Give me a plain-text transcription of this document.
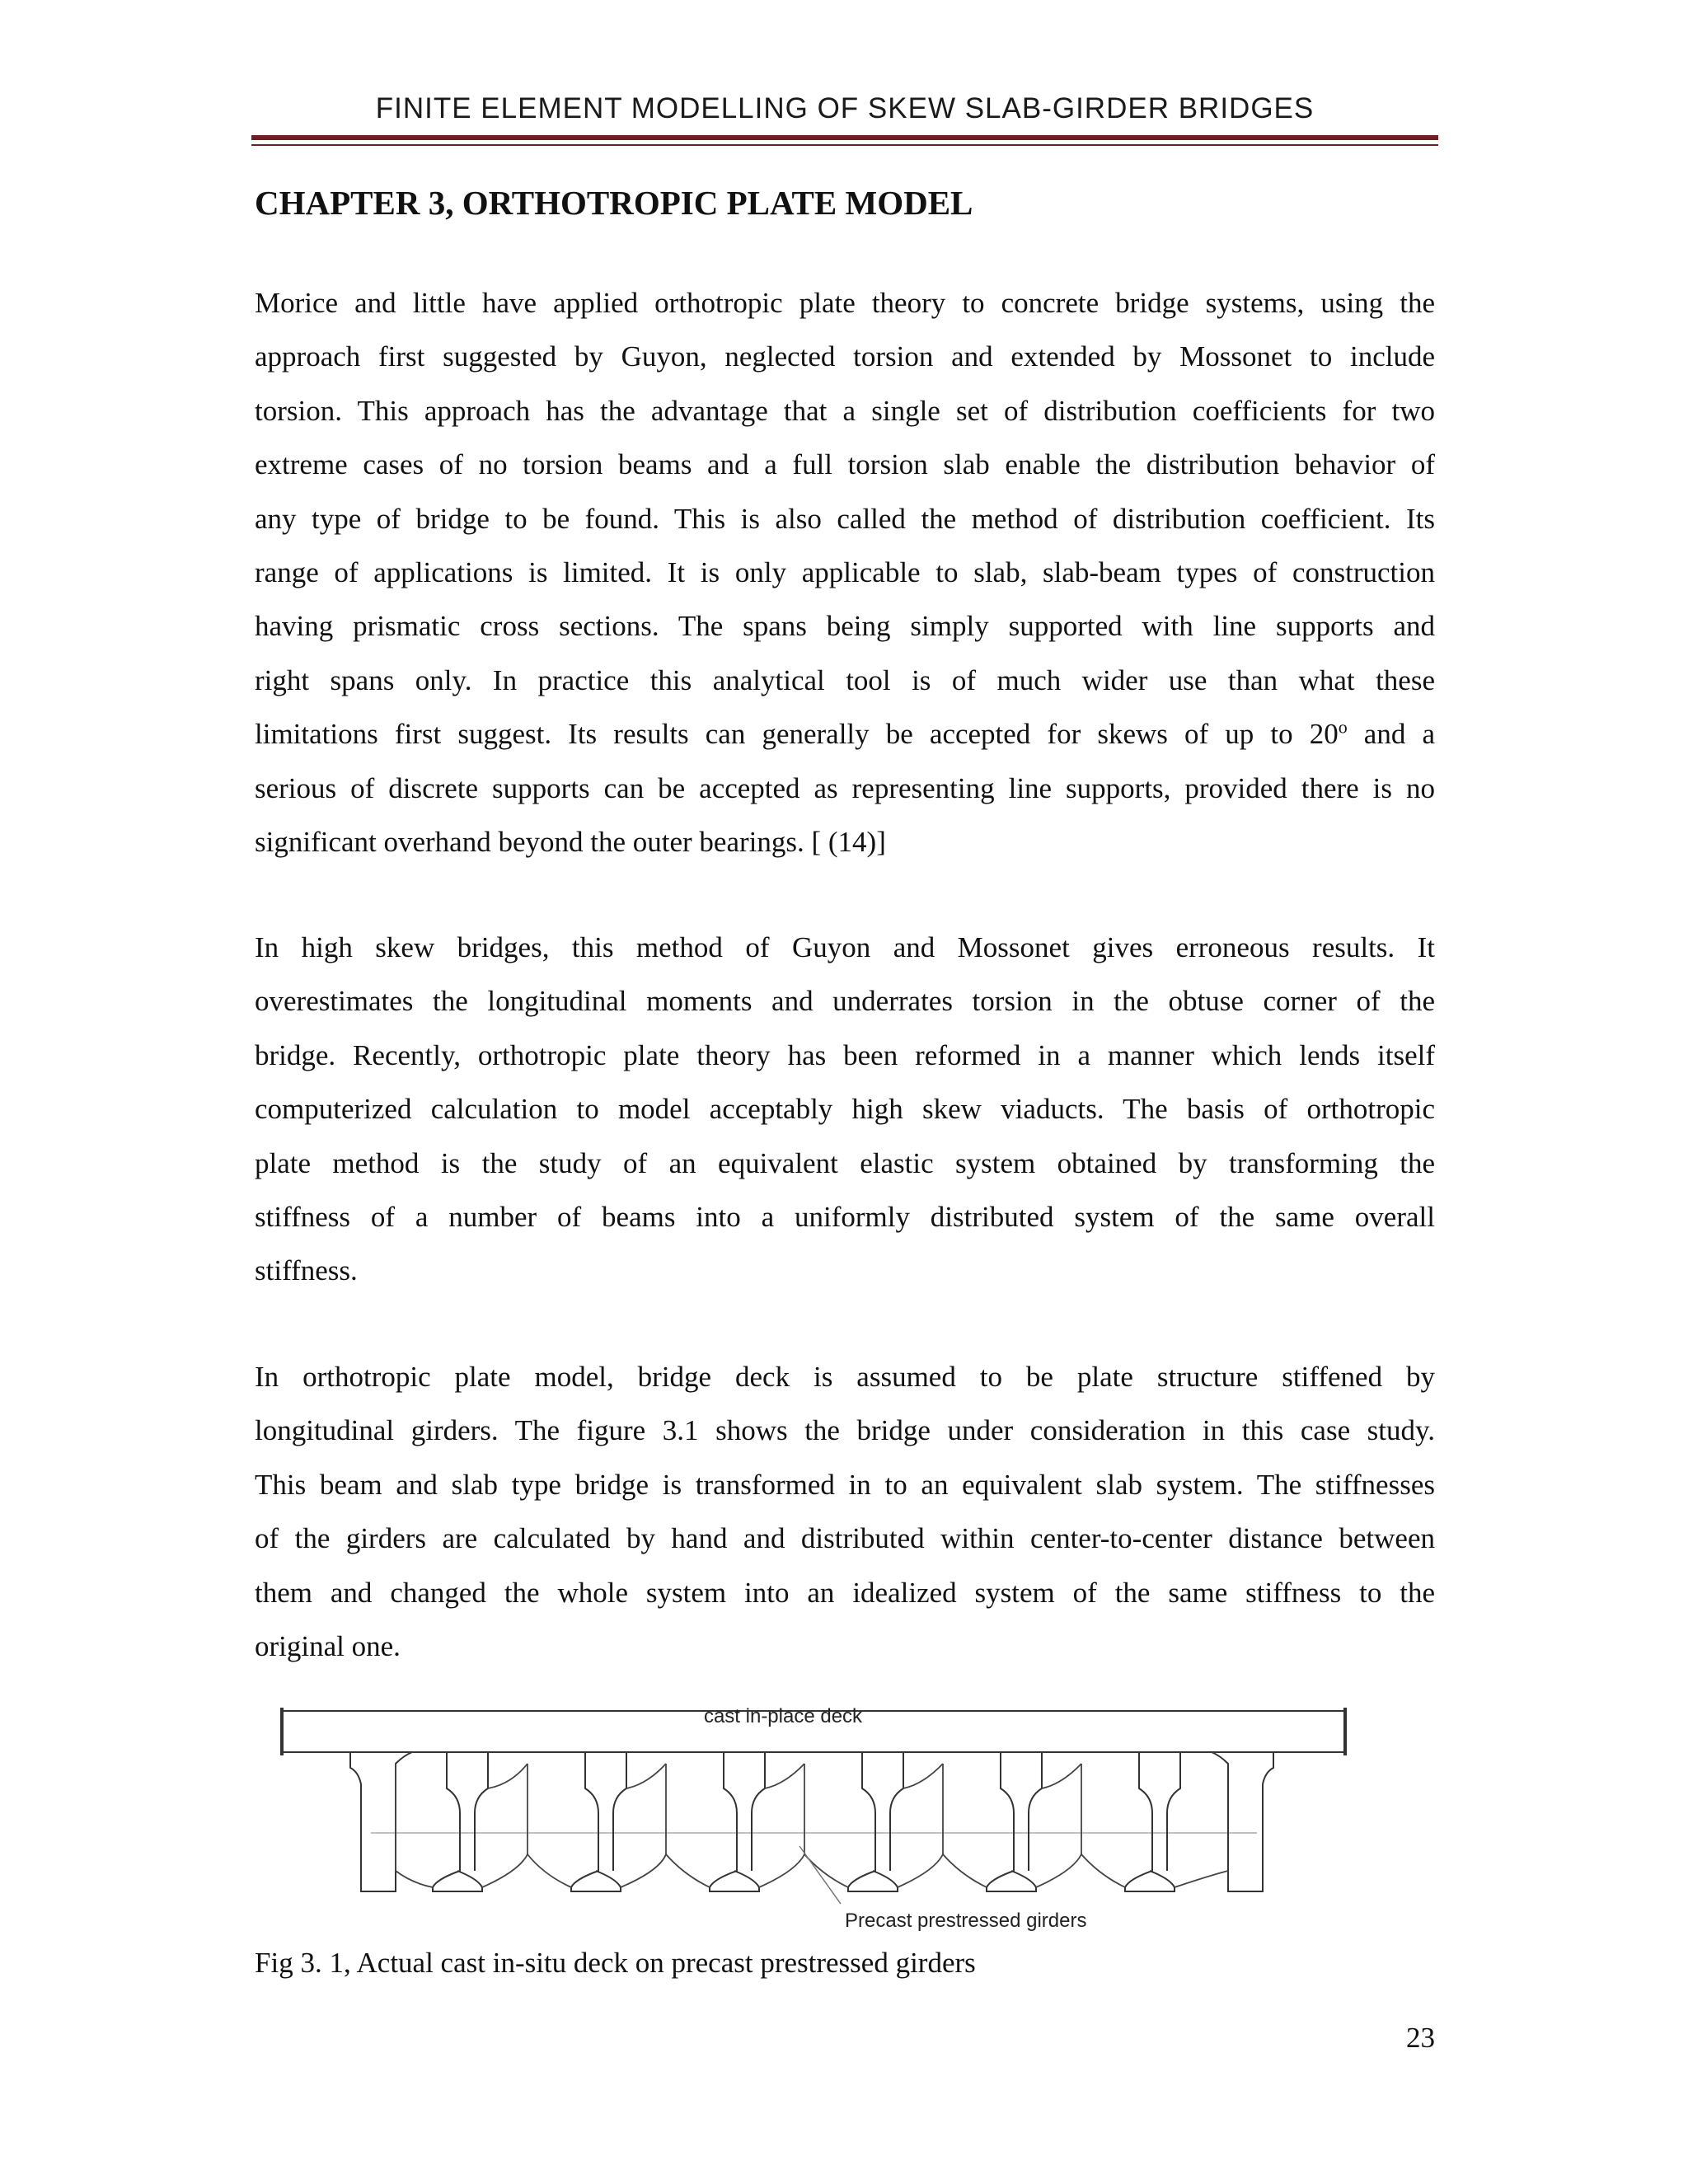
FINITE ELEMENT MODELLING OF SKEW SLAB-GIRDER BRIDGES
CHAPTER 3, ORTHOTROPIC PLATE MODEL
Morice and little have applied orthotropic plate theory to concrete bridge systems, using the
approach first suggested by Guyon, neglected torsion and extended by Mossonet to include
torsion. This approach has the advantage that a single set of distribution coefficients for two
extreme cases of no torsion beams and a full torsion slab enable the distribution behavior of
any type of bridge to be found. This is also called the method of distribution coefficient. Its
range of applications is limited. It is only applicable to slab, slab-beam types of construction
having prismatic cross sections. The spans being simply supported with line supports and
right spans only. In practice this analytical tool is of much wider use than what these
limitations first suggest. Its results can generally be accepted for skews of up to 20$^o$ and a
serious of discrete supports can be accepted as representing line supports, provided there is no
significant overhand beyond the outer bearings. [ (14)]
In high skew bridges, this method of Guyon and Mossonet gives erroneous results. It
overestimates the longitudinal moments and underrates torsion in the obtuse corner of the
bridge. Recently, orthotropic plate theory has been reformed in a manner which lends itself
computerized calculation to model acceptably high skew viaducts. The basis of orthotropic
plate method is the study of an equivalent elastic system obtained by transforming the
stiffness of a number of beams into a uniformly distributed system of the same overall
stiffness.
In orthotropic plate model, bridge deck is assumed to be plate structure stiffened by
longitudinal girders. The figure 3.1 shows the bridge under consideration in this case study.
This beam and slab type bridge is transformed in to an equivalent slab system. The stiffnesses
of the girders are calculated by hand and distributed within center-to-center distance between
them and changed the whole system into an idealized system of the same stiffness to the
original one.
cast in-place deck
Precast prestressed girders

Fig 3. 1, Actual cast in-situ deck on precast prestressed girders

23
